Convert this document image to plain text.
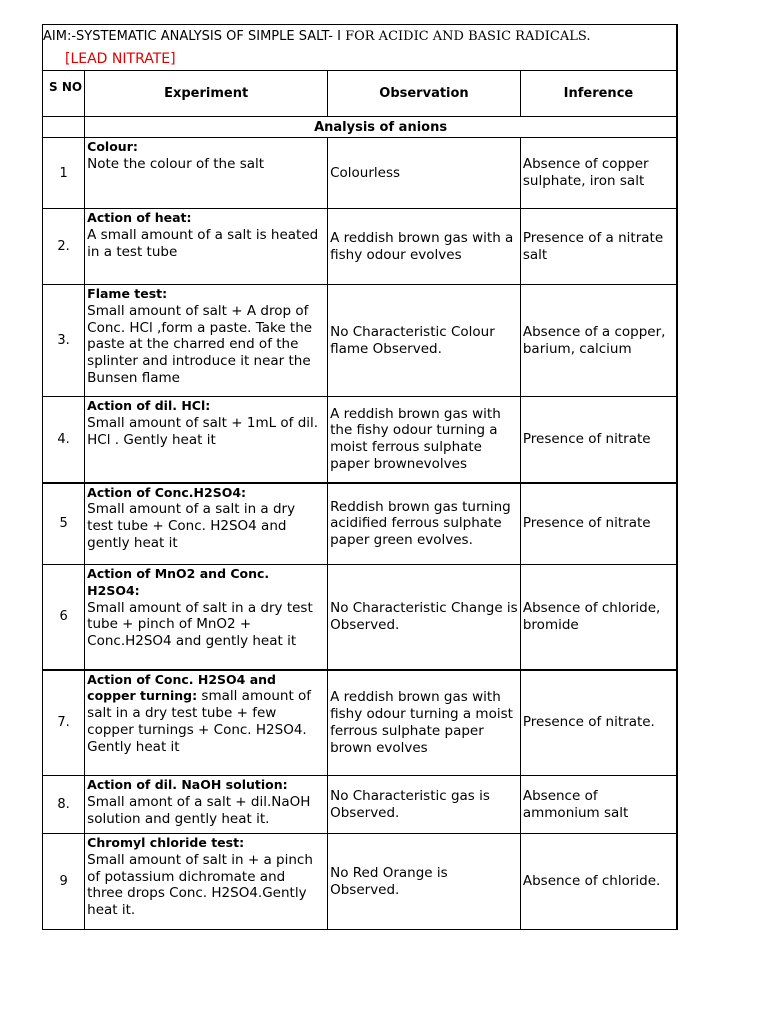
AIM:-SYSTEMATIC ANALYSIS OF SIMPLE SALT- I FOR ACIDIC AND BASIC RADICALS.
[LEAD NITRATE]
S NO	Experiment	Observation	Inference
	Analysis of anions		
1	Colour:
Note the colour of the salt	Colourless	Absence of copper sulphate, iron salt
2.	Action of heat:
A small amount of a salt is heated in a test tube	A reddish brown gas with a fishy odour evolves	Presence of a nitrate salt
3.	Flame test:
Small amount of salt + A drop of Conc. HCl ,form a paste. Take the paste at the charred end of the splinter and introduce it near the Bunsen flame	No Characteristic Colour flame Observed.	Absence of a copper, barium, calcium
4.	Action of dil. HCl:
Small amount of salt + 1mL of dil. HCl . Gently heat it	A reddish brown gas with the fishy odour turning a moist ferrous sulphate paper brownevolves	Presence of nitrate
5	Action of Conc.H2SO4:
Small amount of a salt in a dry test tube + Conc. H2SO4 and gently heat it	Reddish brown gas turning acidified ferrous sulphate paper green evolves.	Presence of nitrate
6	Action of MnO2 and Conc. H2SO4:
Small amount of salt in a dry test tube + pinch of MnO2 + Conc.H2SO4 and gently heat it	No Characteristic Change is Observed.	Absence of chloride, bromide
7.	Action of Conc. H2SO4 and copper turning: small amount of salt in a dry test tube + few copper turnings + Conc. H2SO4. Gently heat it	A reddish brown gas with fishy odour turning a moist ferrous sulphate paper brown evolves	Presence of nitrate.
8.	Action of dil. NaOH solution: Small amont of a salt + dil.NaOH solution and gently heat it.	No Characteristic gas is Observed.	Absence of ammonium salt
9	Chromyl chloride test:
Small amount of salt in + a pinch of potassium dichromate and three drops Conc. H2SO4.Gently heat it.	No Red Orange is Observed.	Absence of chloride.
